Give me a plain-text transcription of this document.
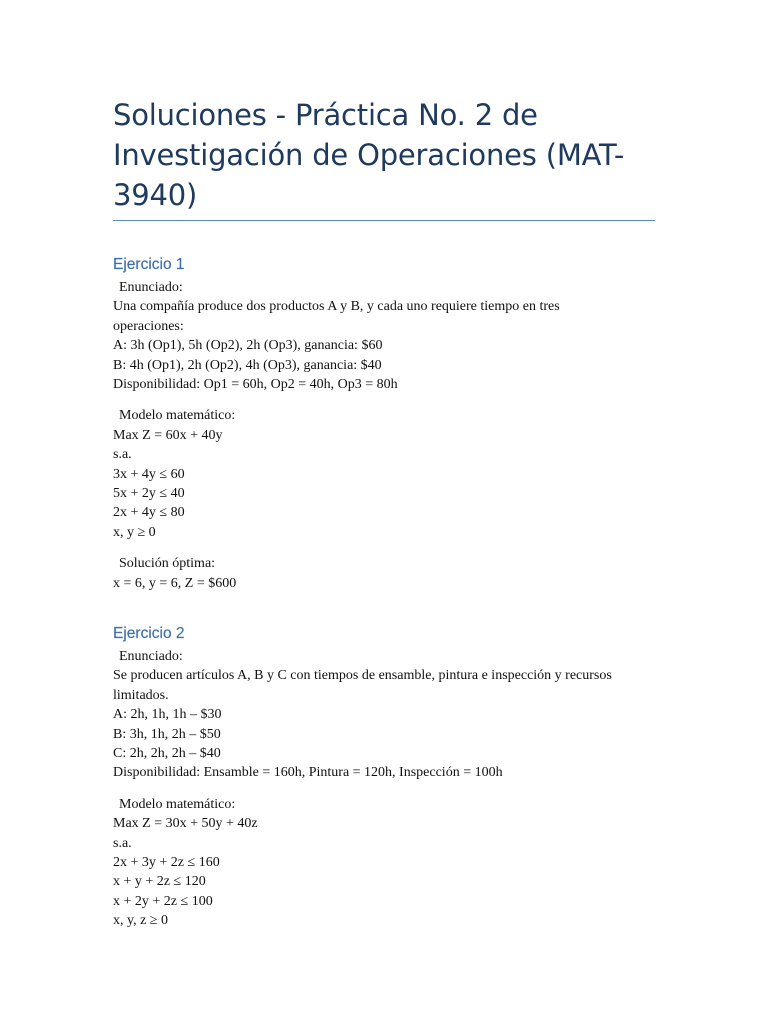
Soluciones - Práctica No. 2 de Investigación de Operaciones (MAT-3940)
Ejercicio 1
Enunciado:
Una compañía produce dos productos A y B, y cada uno requiere tiempo en tres operaciones:
A: 3h (Op1), 5h (Op2), 2h (Op3), ganancia: $60
B: 4h (Op1), 2h (Op2), 4h (Op3), ganancia: $40
Disponibilidad: Op1 = 60h, Op2 = 40h, Op3 = 80h
Modelo matemático:
Max Z = 60x + 40y
s.a.
3x + 4y ≤ 60
5x + 2y ≤ 40
2x + 4y ≤ 80
x, y ≥ 0
Solución óptima:
x = 6, y = 6, Z = $600
Ejercicio 2
Enunciado:
Se producen artículos A, B y C con tiempos de ensamble, pintura e inspección y recursos limitados.
A: 2h, 1h, 1h – $30
B: 3h, 1h, 2h – $50
C: 2h, 2h, 2h – $40
Disponibilidad: Ensamble = 160h, Pintura = 120h, Inspección = 100h
Modelo matemático:
Max Z = 30x + 50y + 40z
s.a.
2x + 3y + 2z ≤ 160
x + y + 2z ≤ 120
x + 2y + 2z ≤ 100
x, y, z ≥ 0
